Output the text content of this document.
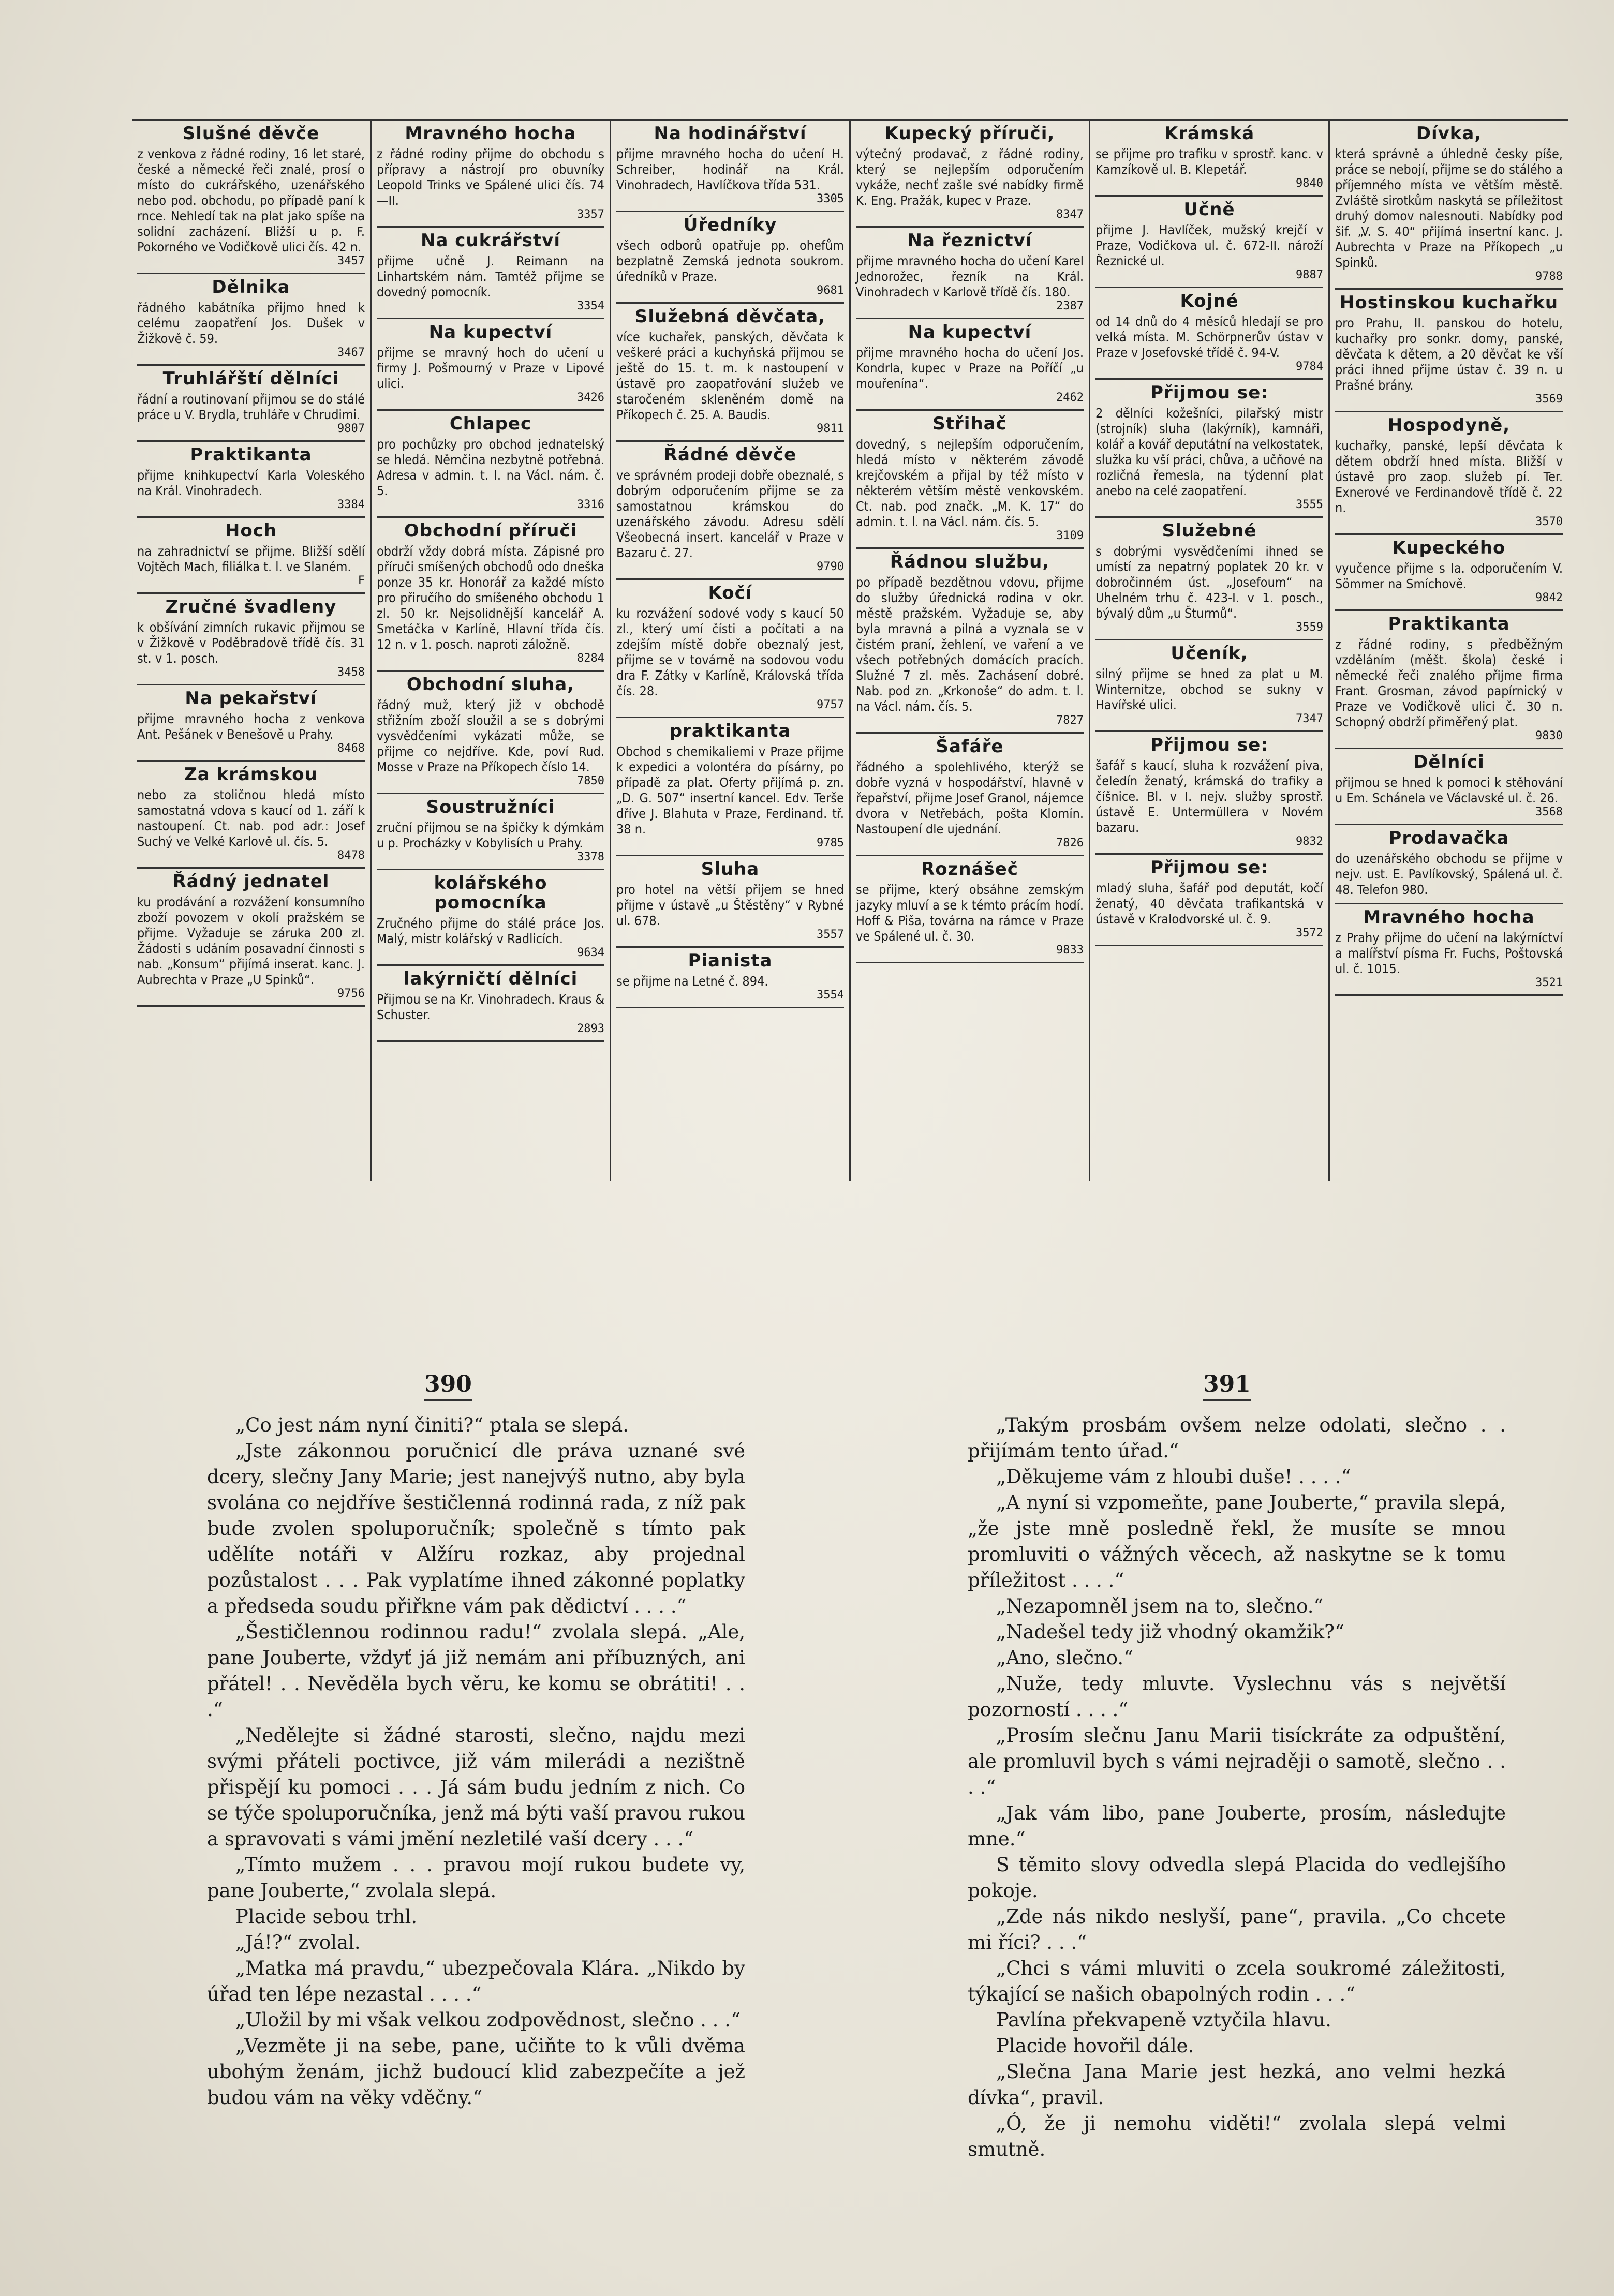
Slušné děvče

z venkova z řádné rodiny, 16 let staré, české a německé řeči znalé, prosí o místo do cukrářského, uzenářského nebo pod. obchodu, po případě paní k rnce. Nehledí tak na plat jako spíše na solidní zacházení. Bližší u p. F. Pokorného ve Vodičkově ulici čís. 42 n.

3457
Dělnika

řádného kabátníka přijmo hned k celému zaopatření Jos. Dušek v Žižkově č. 59.

3467
Truhlářští dělníci

řádní a routinovaní přijmou se do stálé práce u V. Brydla, truhláře v Chrudimi.

9807
Praktikanta

přijme knihkupectví Karla Voleského na Král. Vinohradech.

3384
Hoch

na zahradnictví se přijme. Bližší sdělí Vojtěch Mach, filiálka t. l. ve Slaném.

F
Zručné švadleny

k obšívání zimních rukavic přijmou se v Žižkově v Poděbradově třídě čís. 31 st. v 1. posch.

3458
Na pekařství

přijme mravného hocha z venkova Ant. Pešánek v Benešově u Prahy.

8468
Za krámskou

nebo za stoličnou hledá místo samostatná vdova s kaucí od 1. září k nastoupení. Ct. nab. pod adr.: Josef Suchý ve Velké Karlově ul. čís. 5.

8478
Řádný jednatel

ku prodávání a rozvážení konsumního zboží povozem v okolí pražském se přijme. Vyžaduje se záruka 200 zl. Žádosti s udáním posavadní činnosti s nab. „Konsum“ přijímá inserat. kanc. J. Aubrechta v Praze „U Spinků“.

9756
Mravného hocha

z řádné rodiny přijme do obchodu s přípravy a nástrojí pro obuvníky Leopold Trinks ve Spálené ulici čís. 74—II.

3357
Na cukrářství

přijme učně J. Reimann na Linhartském nám. Tamtéž přijme se dovedný pomocník.

3354
Na kupectví

přijme se mravný hoch do učení u firmy J. Pošmourný v Praze v Lipové ulici.

3426
Chlapec

pro pochůzky pro obchod jednatelský se hledá. Němčina nezbytně potřebná. Adresa v admin. t. l. na Václ. nám. č. 5.

3316
Obchodní příruči

obdrží vždy dobrá místa. Zápisné pro příruči smíšených obchodů odo dneška ponze 35 kr. Honorář za každé místo pro přiručího do smíšeného obchodu 1 zl. 50 kr. Nejsolidnější kancelář A. Smetáčka v Karlíně, Hlavní třída čís. 12 n. v 1. posch. naproti záložně.

8284
Obchodní sluha,

řádný muž, který již v obchodě střižním zboží sloužil a se s dobrými vysvědčeními vykázati může, se přijme co nejdříve. Kde, poví Rud. Mosse v Praze na Příkopech číslo 14.

7850
Soustružníci

zruční přijmou se na špičky k dýmkám u p. Procházky v Kobylisích u Prahy.

3378
kolářského pomocníka

Zručného přijme do stálé práce Jos. Malý, mistr kolářský v Radlicích.

9634
lakýrničtí dělníci

Přijmou se na Kr. Vinohradech. Kraus & Schuster.

2893
Na hodinářství

přijme mravného hocha do učení H. Schreiber, hodinář na Král. Vinohradech, Havlíčkova třída 531.

3305
Úředníky

všech odborů opatřuje pp. ohefům bezplatně Zemská jednota soukrom. úředníků v Praze.

9681
Služebná děvčata,

více kuchařek, panských, děvčata k veškeré práci a kuchyňská přijmou se ještě do 15. t. m. k nastoupení v ústavě pro zaopatřování služeb ve staročeném skleněném domě na Příkopech č. 25. A. Baudis.

9811
Řádné děvče

ve správném prodeji dobře obeznalé, s dobrým odporučením přijme se za samostatnou krámskou do uzenářského závodu. Adresu sdělí Všeobecná insert. kancelář v Praze v Bazaru č. 27.

9790
Kočí

ku rozvážení sodové vody s kaucí 50 zl., který umí čísti a počítati a na zdejším místě dobře obeznalý jest, přijme se v továrně na sodovou vodu dra F. Zátky v Karlíně, Královská třída čís. 28.

9757
praktikanta

Obchod s chemikaliemi v Praze přijme k expedici a volontéra do písárny, po případě za plat. Oferty přijímá p. zn. „D. G. 507“ insertní kancel. Edv. Terše dříve J. Blahuta v Praze, Ferdinand. tř. 38 n.

9785
Sluha

pro hotel na větší přijem se hned přijme v ústavě „u Štěstěny“ v Rybné ul. 678.

3557
Pianista

se přijme na Letné č. 894.

3554
Kupecký příruči,

výtečný prodavač, z řádné rodiny, který se nejlepším odporučením vykáže, nechť zašle své nabídky firmě K. Eng. Pražák, kupec v Praze.

8347
Na řeznictví

přijme mravného hocha do učení Karel Jednorožec, řezník na Král. Vinohradech v Karlově třídě čís. 180.

2387
Na kupectví

přijme mravného hocha do učení Jos. Kondrla, kupec v Praze na Poříčí „u mouřenína“.

2462
Střihač

dovedný, s nejlepším odporučením, hledá místo v některém závodě krejčovském a přijal by též místo v některém větším městě venkovském. Ct. nab. pod značk. „M. K. 17“ do admin. t. l. na Václ. nám. čís. 5.

3109
Řádnou službu,

po případě bezdětnou vdovu, přijme do služby úřednická rodina v okr. městě pražském. Vyžaduje se, aby byla mravná a pilná a vyznala se v čistém praní, žehlení, ve vaření a ve všech potřebných domácích pracích. Služné 7 zl. měs. Zachásení dobré. Nab. pod zn. „Krkonoše“ do adm. t. l. na Václ. nám. čís. 5.

7827
Šafáře

řádného a spolehlivého, kterýž se dobře vyzná v hospodářství, hlavně v řepařství, přijme Josef Granol, nájemce dvora v Netřebách, pošta Klomín. Nastoupení dle ujednání.

7826
Roznášeč

se přijme, který obsáhne zemským jazyky mluví a se k témto prácím hodí. Hoff & Piša, továrna na rámce v Praze ve Spálené ul. č. 30.

9833
Krámská

se přijme pro trafiku v sprostř. kanc. v Kamzíkově ul. B. Klepetář.

9840
Učně

přijme J. Havlíček, mužský krejčí v Praze, Vodičkova ul. č. 672-II. nároží Řeznické ul.

9887
Kojné

od 14 dnů do 4 měsíců hledají se pro velká místa. M. Schörpnerův ústav v Praze v Josefovské třídě č. 94-V.

9784
Přijmou se:

2 dělníci kožešníci, pilařský mistr (strojník) sluha (lakýrník), kamnáři, kolář a kovář deputátní na velkostatek, služka ku vší práci, chůva, a učňové na rozličná řemesla, na týdenní plat anebo na celé zaopatření.

3555
Služebné

s dobrými vysvědčeními ihned se umístí za nepatrný poplatek 20 kr. v dobročinném úst. „Josefoum“ na Uhelném trhu č. 423-I. v 1. posch., bývalý dům „u Šturmů“.

3559
Učeník,

silný přijme se hned za plat u M. Winternitze, obchod se sukny v Havířské ulici.

7347
Přijmou se:

šafář s kaucí, sluha k rozvážení piva, čeledín ženatý, krámská do trafiky a číšnice. Bl. v I. nejv. služby sprostř. ústavě E. Untermüllera v Novém bazaru.

9832
Přijmou se:

mladý sluha, šafář pod deputát, kočí ženatý, 40 děvčata trafikantská v ústavě v Kralodvorské ul. č. 9.

3572
Dívka,

která správně a úhledně česky píše, práce se nebojí, přijme se do stálého a příjemného místa ve větším městě. Zvláště sirotkům naskytá se příležitost druhý domov nalesnouti. Nabídky pod šif. „V. S. 40“ přijímá insertní kanc. J. Aubrechta v Praze na Příkopech „u Spinků.

9788
Hostinskou kuchařku

pro Prahu, II. panskou do hotelu, kuchařky pro sonkr. domy, panské, děvčata k dětem, a 20 děvčat ke vší práci ihned přijme ústav č. 39 n. u Prašné brány.

3569
Hospodyně,

kuchařky, panské, lepší děvčata k dětem obdrží hned místa. Bližší v ústavě pro zaop. služeb pí. Ter. Exnerové ve Ferdinandově třídě č. 22 n.

3570
Kupeckého

vyučence přijme s la. odporučením V. Sömmer na Smíchově.

9842
Praktikanta

z řádné rodiny, s předběžným vzděláním (měšt. škola) české i německé řeči znalého přijme firma Frant. Grosman, závod papírnický v Praze ve Vodičkově ulici č. 30 n. Schopný obdrží přiměřený plat.

9830
Dělníci

přijmou se hned k pomoci k stěhování u Em. Schánela ve Václavské ul. č. 26.

3568
Prodavačka

do uzenářského obchodu se přijme v nejv. ust. E. Pavlíkovský, Spálená ul. č. 48. Telefon 980.

Mravného hocha

z Prahy přijme do učení na lakýrníctví a malířství písma Fr. Fuchs, Poštovská ul. č. 1015.

3521
390	391

„Co jest nám nyní činiti?“ ptala se slepá.

„Jste zákonnou poručnicí dle práva uznané své dcery, slečny Jany Marie; jest nanejvýš nutno, aby byla svolána co nejdříve šestičlenná rodinná rada, z níž pak bude zvolen spoluporučník; společně s tímto pak udělíte notáři v Alžíru rozkaz, aby projednal pozůstalost . . . Pak vyplatíme ihned zákonné poplatky a předseda soudu přiřkne vám pak dědictví . . . .“

„Šestičlennou rodinnou radu!“ zvolala slepá. „Ale, pane Jouberte, vždyť já již nemám ani příbuzných, ani přátel! . . Nevěděla bych věru, ke komu se obrátiti! . . .“

„Nedělejte si žádné starosti, slečno, najdu mezi svými přáteli poctivce, již vám milerádi a nezištně přispějí ku pomoci . . . Já sám budu jedním z nich. Co se týče spoluporučníka, jenž má býti vaší pravou rukou a spravovati s vámi jmění nezletilé vaší dcery . . .“

„Tímto mužem . . . pravou mojí rukou budete vy, pane Jouberte,“ zvolala slepá.

Placide sebou trhl.

„Já!?“ zvolal.

„Matka má pravdu,“ ubezpečovala Klára. „Nikdo by úřad ten lépe nezastal . . . .“

„Uložil by mi však velkou zodpovědnost, slečno . . .“

„Vezměte ji na sebe, pane, učiňte to k vůli dvěma ubohým ženám, jichž budoucí klid zabezpečíte a jež budou vám na věky vděčny.“

„Takým prosbám ovšem nelze odolati, slečno . . přijímám tento úřad.“

„Děkujeme vám z hloubi duše! . . . .“

„A nyní si vzpomeňte, pane Jouberte,“ pravila slepá, „že jste mně posledně řekl, že musíte se mnou promluviti o vážných věcech, až naskytne se k tomu příležitost . . . .“

„Nezapomněl jsem na to, slečno.“

„Nadešel tedy již vhodný okamžik?“

„Ano, slečno.“

„Nuže, tedy mluvte. Vyslechnu vás s největší pozorností . . . .“

„Prosím slečnu Janu Marii tisíckráte za odpuštění, ale promluvil bych s vámi nejraději o samotě, slečno . . . .“

„Jak vám libo, pane Jouberte, prosím, následujte mne.“

S těmito slovy odvedla slepá Placida do vedlejšího pokoje.

„Zde nás nikdo neslyší, pane“, pravila. „Co chcete mi říci? . . .“

„Chci s vámi mluviti o zcela soukromé záležitosti, týkající se našich obapolných rodin . . .“

Pavlína překvapeně vztyčila hlavu.

Placide hovořil dále.

„Slečna Jana Marie jest hezká, ano velmi hezká dívka“, pravil.

„Ó, že ji nemohu viděti!“ zvolala slepá velmi smutně.
